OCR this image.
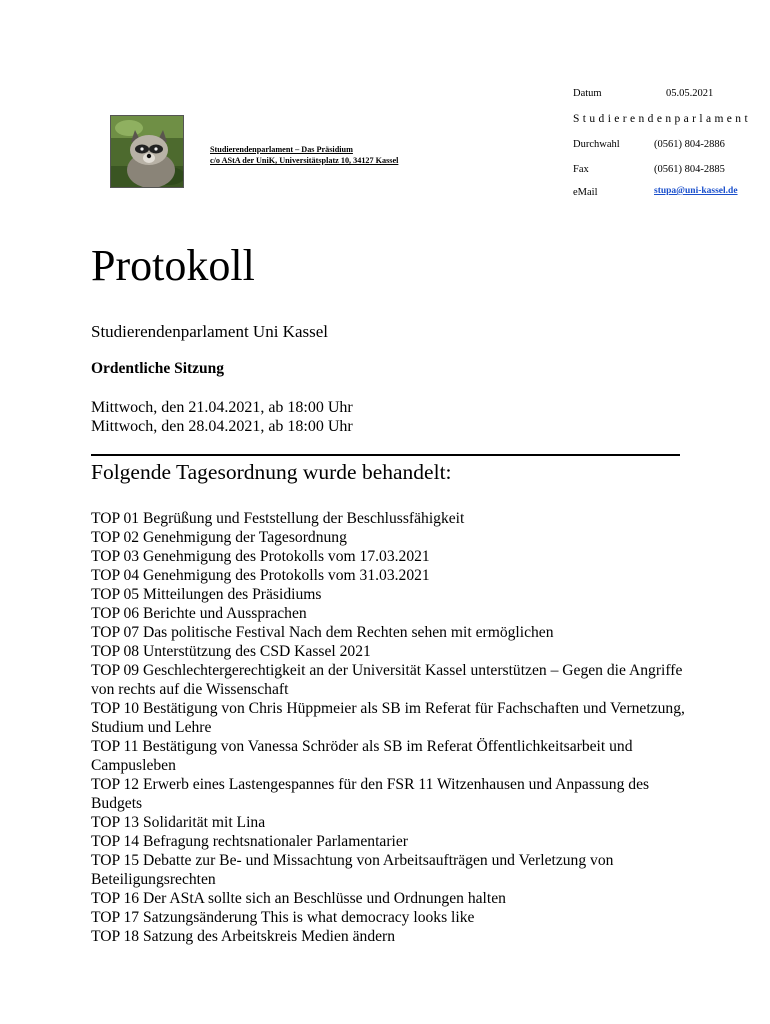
Datum	05.05.2021
Studierendenparlament
Durchwahl	(0561) 804-2886
Fax	(0561) 804-2885
eMail	stupa@uni-kassel.de
Studierendenparlament – Das Präsidium
c/o AStA der UniK, Universitätsplatz 10, 34127 Kassel
Protokoll
Studierendenparlament Uni Kassel
Ordentliche Sitzung
Mittwoch, den 21.04.2021, ab 18:00 Uhr
Mittwoch, den 28.04.2021, ab 18:00 Uhr
Folgende Tagesordnung wurde behandelt:
TOP 01 Begrüßung und Feststellung der Beschlussfähigkeit
TOP 02 Genehmigung der Tagesordnung
TOP 03 Genehmigung des Protokolls vom 17.03.2021
TOP 04 Genehmigung des Protokolls vom 31.03.2021
TOP 05 Mitteilungen des Präsidiums
TOP 06 Berichte und Aussprachen
TOP 07 Das politische Festival Nach dem Rechten sehen mit ermöglichen
TOP 08 Unterstützung des CSD Kassel 2021
TOP 09 Geschlechtergerechtigkeit an der Universität Kassel unterstützen – Gegen die Angriffe von rechts auf die Wissenschaft
TOP 10 Bestätigung von Chris Hüppmeier als SB im Referat für Fachschaften und Vernetzung, Studium und Lehre
TOP 11 Bestätigung von Vanessa Schröder als SB im Referat Öffentlichkeitsarbeit und Campusleben
TOP 12 Erwerb eines Lastengespannes für den FSR 11 Witzenhausen und Anpassung des Budgets
TOP 13 Solidarität mit Lina
TOP 14 Befragung rechtsnationaler Parlamentarier
TOP 15 Debatte zur Be- und Missachtung von Arbeitsaufträgen und Verletzung von Beteiligungsrechten
TOP 16 Der AStA sollte sich an Beschlüsse und Ordnungen halten
TOP 17 Satzungsänderung This is what democracy looks like
TOP 18 Satzung des Arbeitskreis Medien ändern
